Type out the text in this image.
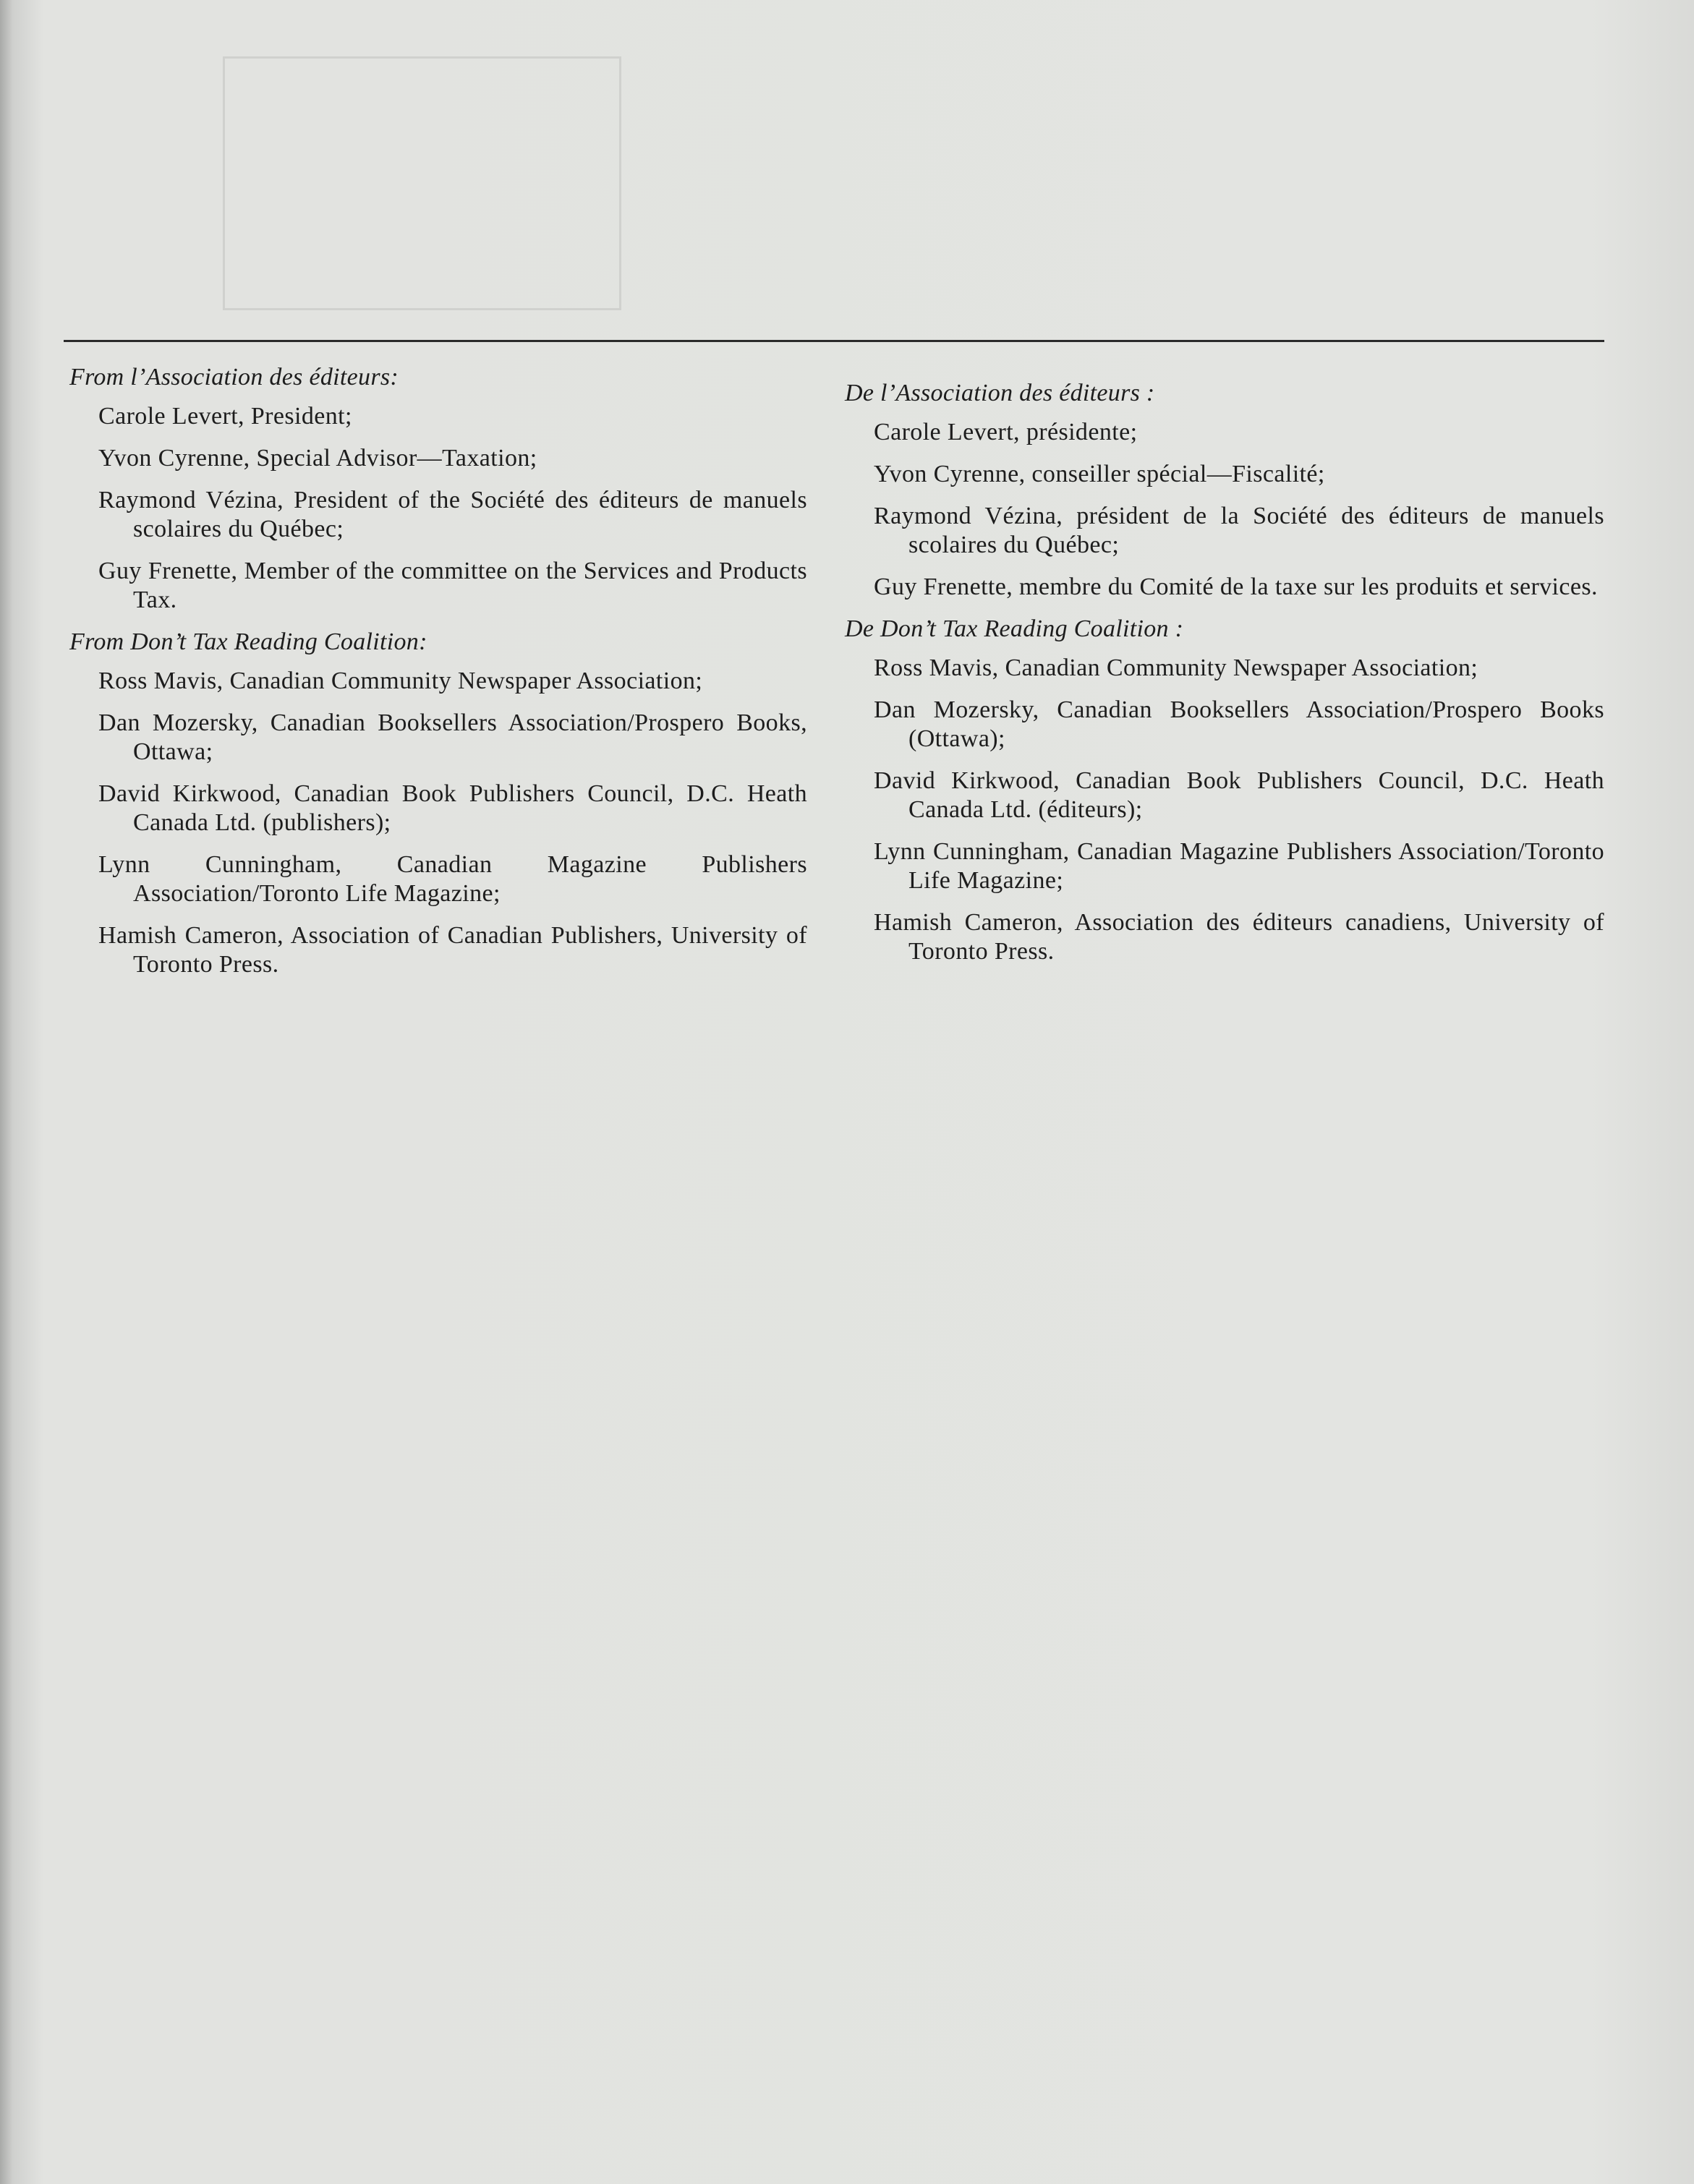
From l’Association des éditeurs:
Carole Levert, President;
Yvon Cyrenne, Special Advisor—Taxation;
Raymond Vézina, President of the Société des éditeurs de manuels scolaires du Québec;
Guy Frenette, Member of the committee on the Services and Products Tax.
From Don’t Tax Reading Coalition:
Ross Mavis, Canadian Community Newspaper Association;
Dan Mozersky, Canadian Booksellers Association/Prospero Books, Ottawa;
David Kirkwood, Canadian Book Publishers Council, D.C. Heath Canada Ltd. (publishers);
Lynn Cunningham, Canadian Magazine Publishers Association/Toronto Life Magazine;
Hamish Cameron, Association of Canadian Publishers, University of Toronto Press.
De l’Association des éditeurs :
Carole Levert, présidente;
Yvon Cyrenne, conseiller spécial—Fiscalité;
Raymond Vézina, président de la Société des éditeurs de manuels scolaires du Québec;
Guy Frenette, membre du Comité de la taxe sur les produits et services.
De Don’t Tax Reading Coalition :
Ross Mavis, Canadian Community Newspaper Association;
Dan Mozersky, Canadian Booksellers Association/Prospero Books (Ottawa);
David Kirkwood, Canadian Book Publishers Council, D.C. Heath Canada Ltd. (éditeurs);
Lynn Cunningham, Canadian Magazine Publishers Association/Toronto Life Magazine;
Hamish Cameron, Association des éditeurs canadiens, University of Toronto Press.
